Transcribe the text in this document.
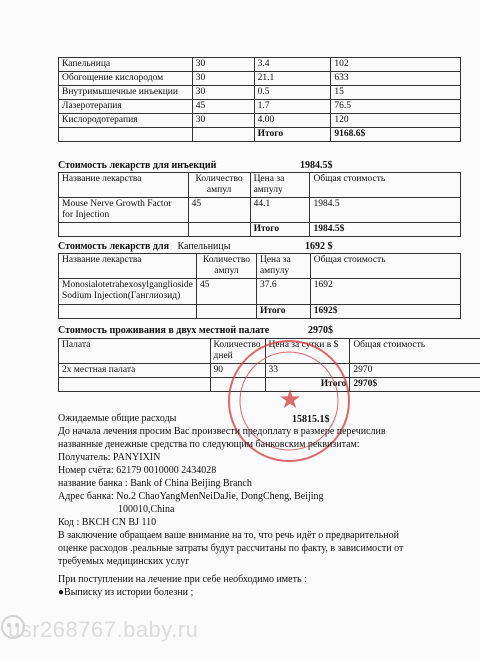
Капельница	30	3.4	102
Обогощение кислородом	30	21.1	633
Внутримышечные инъекции	30	0.5	15
Лазеротерапия	45	1.7	76.5
Кислородотерапия	30	4.00	120
		Итого	9168.6$
Стоимость лекарств для инъекций	1984.5$
Название лекарства	Количество ампул	Цена за ампулу	Общая стоимость
Mouse Nerve Growth Factor for Injection	45	44.1	1984.5
		Итого	1984.5$
Стоимость лекарств для Капельницы	1692 $
Название лекарства	Количество ампул	Цена за ампулу	Общая стоимость
Monosialotetrahexosylganglioside Sodium Injection(Ганглиозид)	45	37.6	1692
		Итого	1692$
Стоимость проживания в двух местной палате	2970$
Палата	Количество дней	Цена за сутки в $	Общая стоимость
2х местная палата	90	33	2970
		Итого	2970$
★
Ожидаемые общие расходы	15815.1$
До начала лечения просим Вас произвести предоплату в размере перечислив
названные денежные средства по следующим банковским реквизитам:
Получатель: PANYIXIN
Номер счёта: 62179 0010000 2434028
название банка : Bank of China Beijing Branch
Адрес банка: No.2 ChaoYangMenNeiDaJie, DongCheng, Beijing
100010,China
Код : BKCH CN BJ 110
В заключение обращаем ваше внимание на то, что речь идёт о предварительной
оценке расходов .реальные затраты будут рассчитаны по факту, в зависимости от
требуемых медицинских услуг
При поступлении на лечение при себе необходимо иметь :
●Выписку из истории болезни ;
usr268767.baby.ru
